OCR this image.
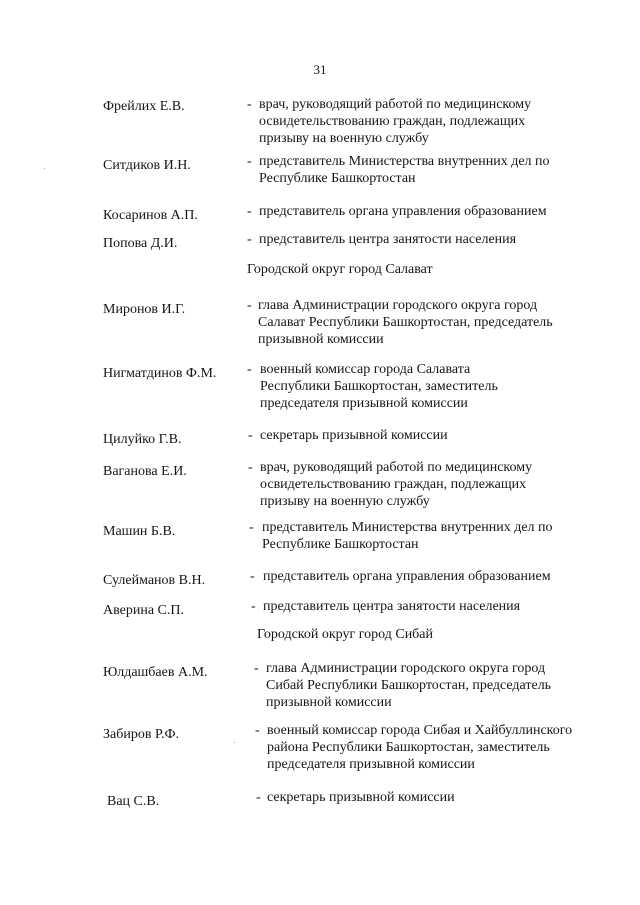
31
Городской округ город Салават
Городской округ город Сибай
Фрейлих Е.В.	- врач, руководящий работой по медицинскому
освидетельствованию граждан, подлежащих
призыву на военную службу
Ситдиков И.Н.	- представитель Министерства внутренних дел по
Республике Башкортостан
Косаринов А.П.	- представитель органа управления образованием
Попова Д.И.	- представитель центра занятости населения
Миронов И.Г.	- глава Администрации городского округа город
Салават Республики Башкортостан, председатель
призывной комиссии
Нигматдинов Ф.М. - военный комиссар города Салавата
Республики Башкортостан, заместитель
председателя призывной комиссии
Цилуйко Г.В.	- секретарь призывной комиссии
Ваганова Е.И.	- врач, руководящий работой по медицинскому
освидетельствованию граждан, подлежащих
призыву на военную службу
Машин Б.В.	- представитель Министерства внутренних дел по
Республике Башкортостан
Сулейманов В.Н.	- представитель органа управления образованием
Аверина С.П.	- представитель центра занятости населения
Юлдашбаев А.М.	- глава Администрации городского округа город
Сибай Республики Башкортостан, председатель
призывной комиссии
Забиров Р.Ф.	- военный комиссар города Сибая и Хайбуллинского
района Республики Башкортостан, заместитель
председателя призывной комиссии
Вац С.В.	- секретарь призывной комиссии
